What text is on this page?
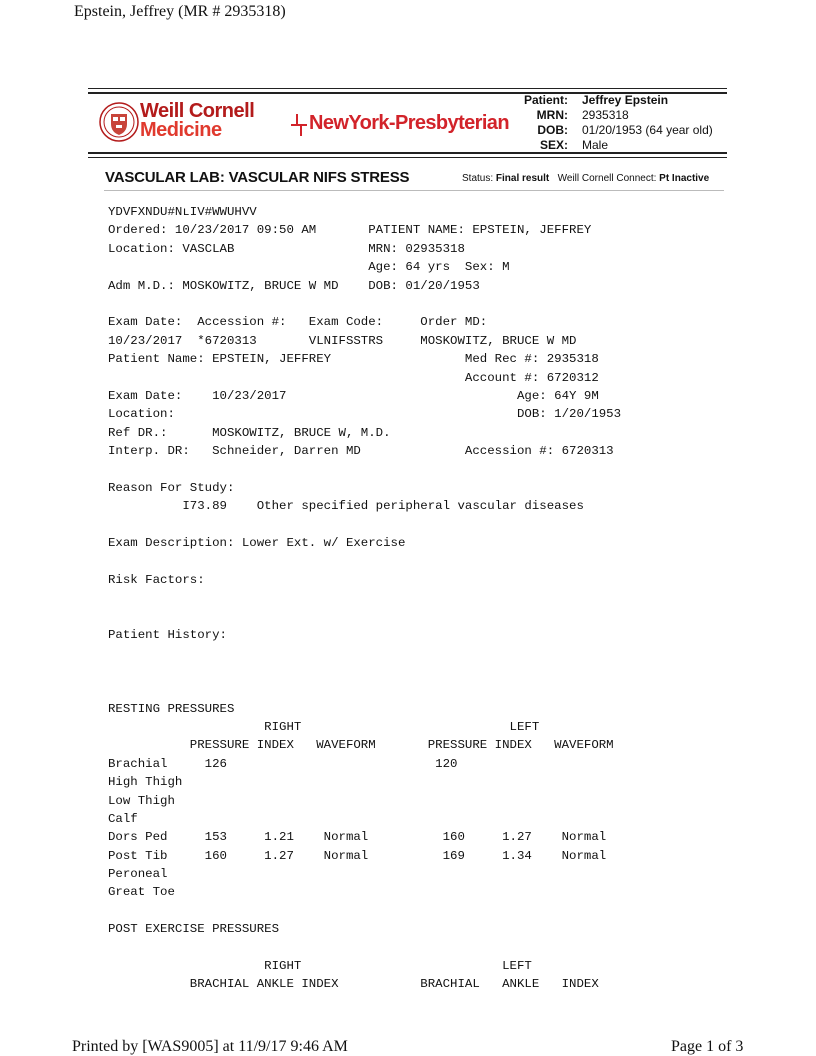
Epstein, Jeffrey (MR # 2935318)
Weill Cornell
Medicine	NewYork-Presbyterian
Patient: Jeffrey Epstein
MRN: 2935318
DOB: 01/20/1953 (64 year old)
SEX: Male
VASCULAR LAB: VASCULAR NIFS STRESS	Status: Final result Weill Cornell Connect: Pt Inactive
YDVFXΝDU#ΝʟIV#WWUHVV
Ordered: 10/23/2017 09:50 AM       PATIENT NAME: EPSTEIN, JEFFREY
Location: VASCLAB                  MRN: 02935318
Age: 64 yrs  Sex: M
Adm M.D.: MOSKOWITZ, BRUCE W MD    DOB: 01/20/1953
Exam Date:  Accession #:   Exam Code:     Order MD:
10/23/2017  *6720313       VLNIFSSTRS     MOSKOWITZ, BRUCE W MD
Patient Name: EPSTEIN, JEFFREY                  Med Rec #: 2935318
Account #: 6720312
Exam Date:    10/23/2017                               Age: 64Y 9M
Location:                                              DOB: 1/20/1953
Ref DR.:      MOSKOWITZ, BRUCE W, M.D.
Interp. DR:   Schneider, Darren MD              Accession #: 6720313
Reason For Study:
I73.89    Other specified peripheral vascular diseases
Exam Description: Lower Ext. w/ Exercise
Risk Factors:
Patient History:
RESTING PRESSURES
RIGHT                            LEFT
PRESSURE INDEX   WAVEFORM       PRESSURE INDEX   WAVEFORM
Brachial     126                            120
High Thigh
Low Thigh
Calf
Dors Ped     153     1.21    Normal          160     1.27    Normal
Post Tib     160     1.27    Normal          169     1.34    Normal
Peroneal
Great Toe
POST EXERCISE PRESSURES
RIGHT                           LEFT
BRACHIAL ANKLE INDEX           BRACHIAL   ANKLE   INDEX
Printed by [WAS9005] at 11/9/17 9:46 AM	Page 1 of 3
